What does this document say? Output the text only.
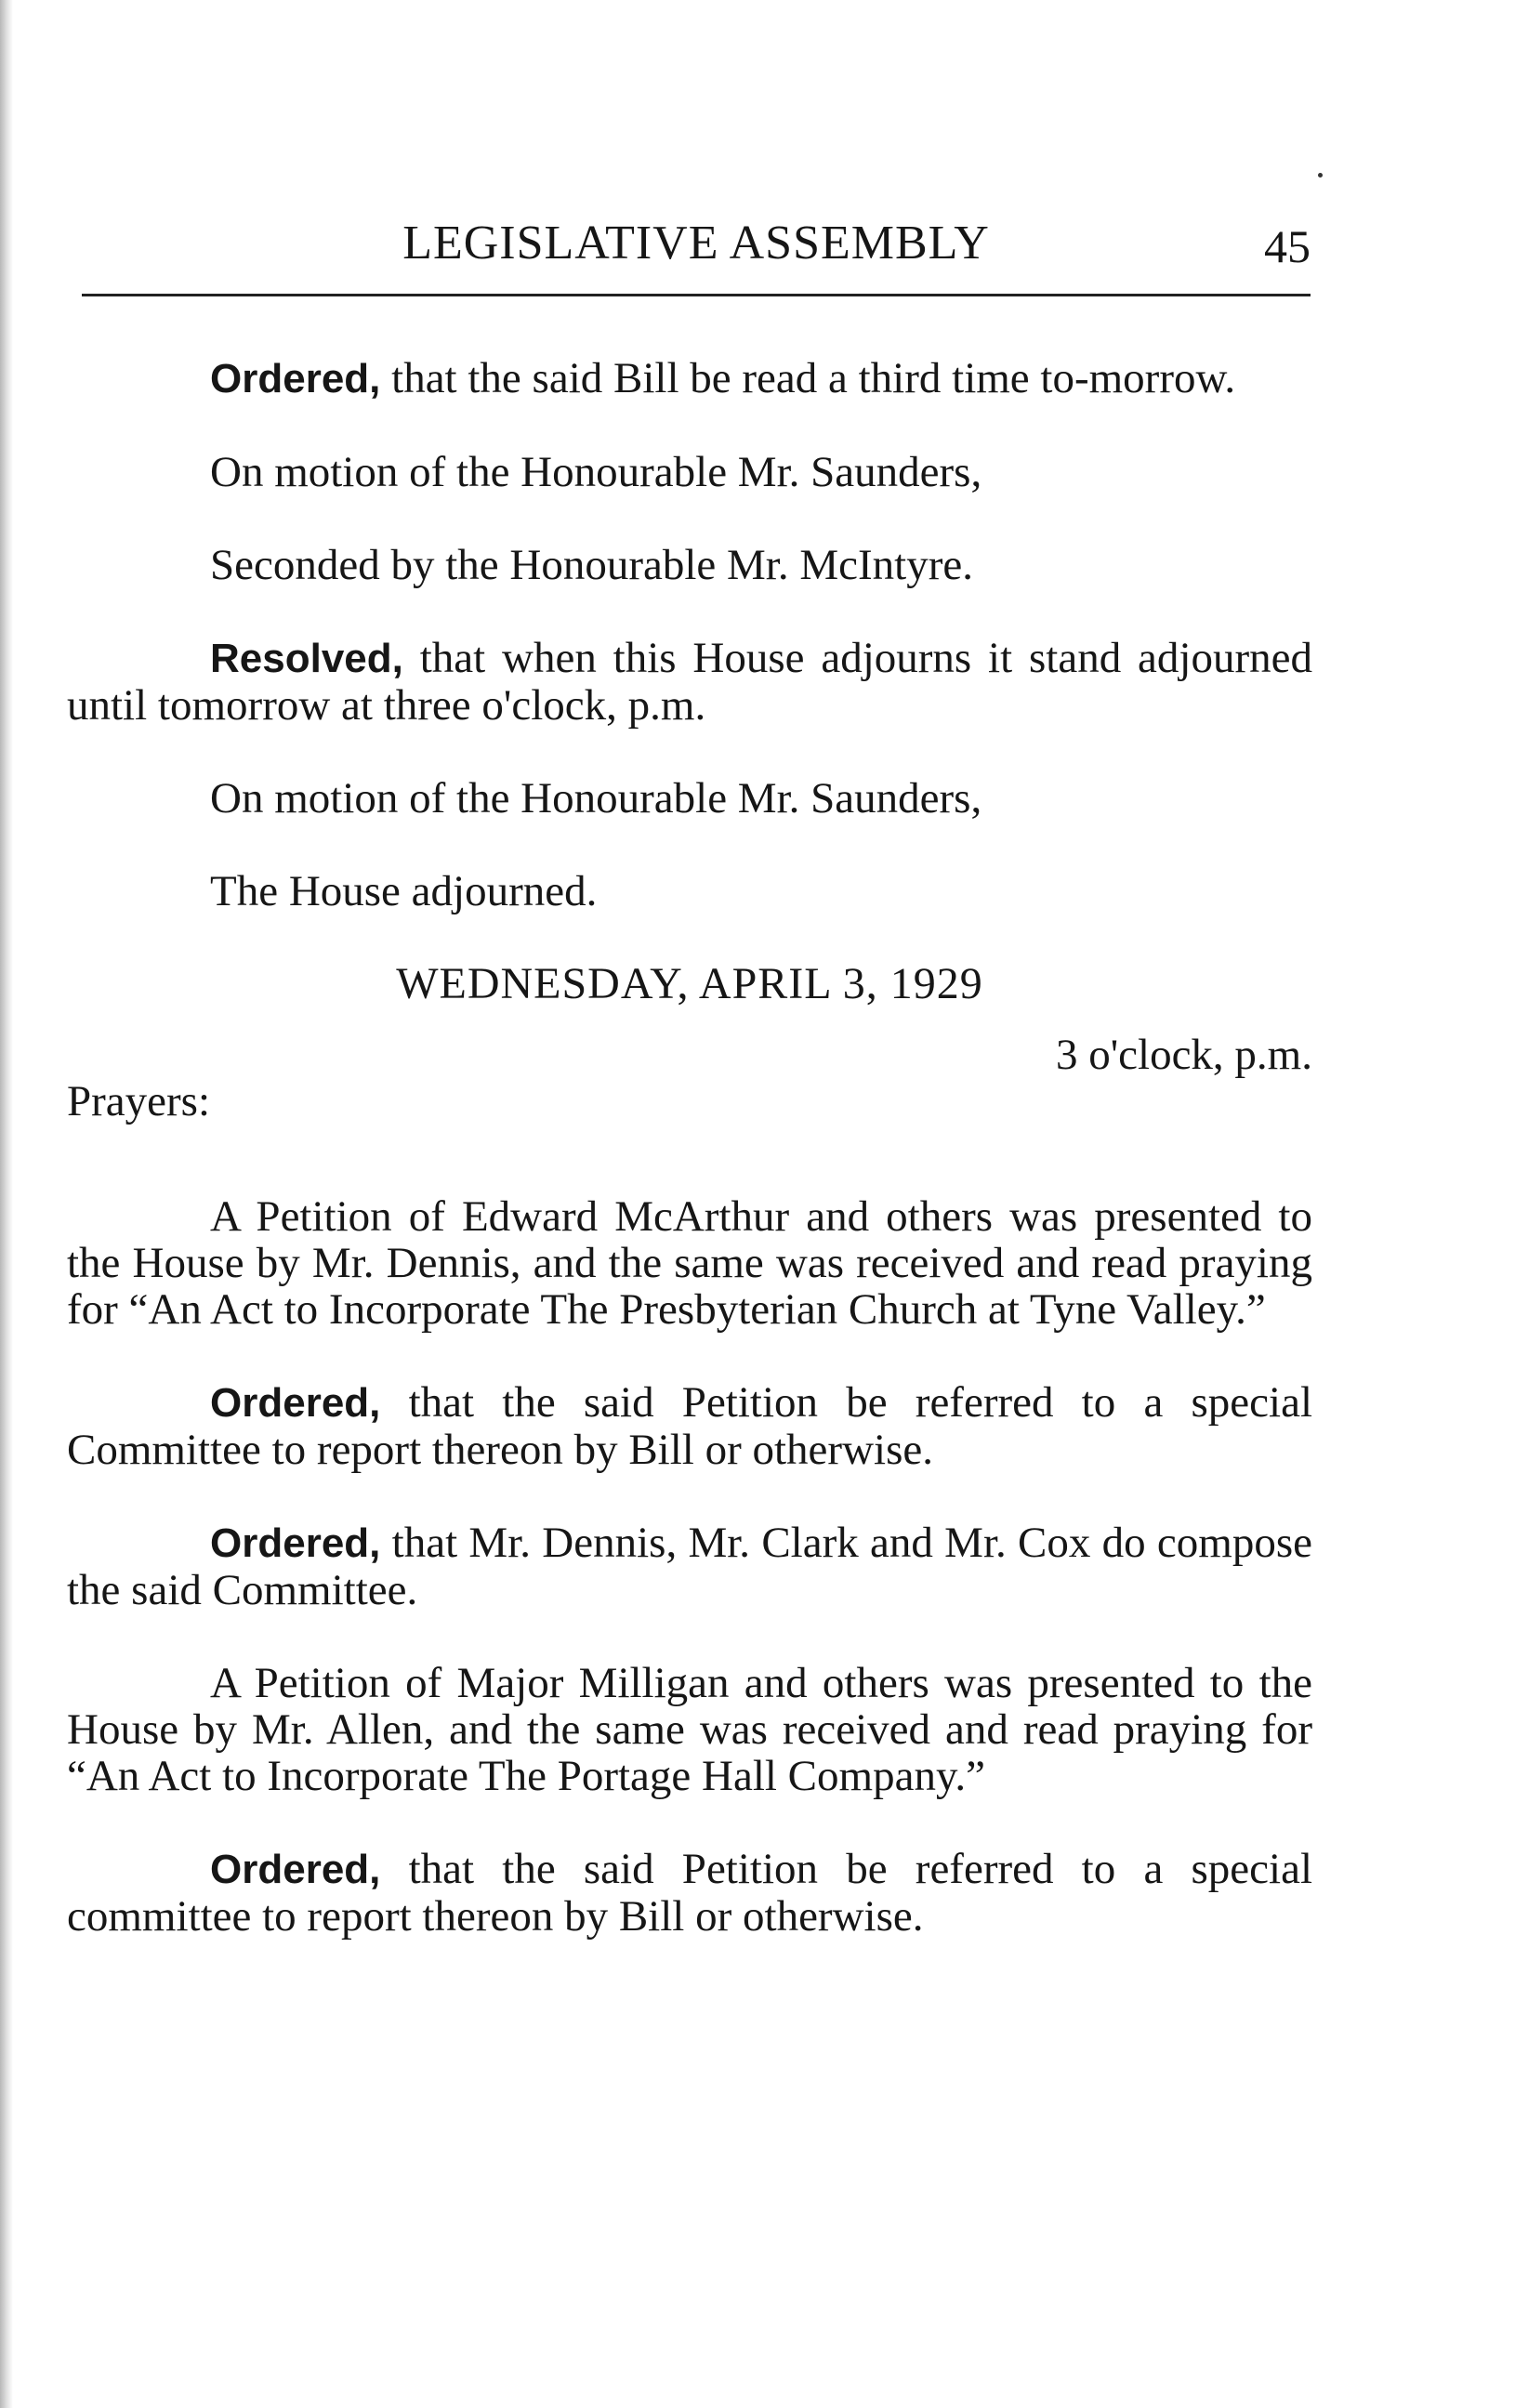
LEGISLATIVE ASSEMBLY	45

Ordered, that the said Bill be read a third time to-morrow.

On motion of the Honourable Mr. Saunders,

Seconded by the Honourable Mr. McIntyre.

Resolved, that when this House adjourns it stand adjourned until tomorrow at three o'clock, p.m.

On motion of the Honourable Mr. Saunders,

The House adjourned.

WEDNESDAY, APRIL 3, 1929

3 o'clock, p.m.

Prayers:

A Petition of Edward McArthur and others was presented to the House by Mr. Dennis, and the same was received and read praying for “An Act to Incorporate The Presbyterian Church at Tyne Valley.”

Ordered, that the said Petition be referred to a special Committee to report thereon by Bill or otherwise.

Ordered, that Mr. Dennis, Mr. Clark and Mr. Cox do compose the said Committee.

A Petition of Major Milligan and others was presented to the House by Mr. Allen, and the same was received and read praying for “An Act to Incorporate The Portage Hall Company.”

Ordered, that the said Petition be referred to a special committee to report thereon by Bill or otherwise.
